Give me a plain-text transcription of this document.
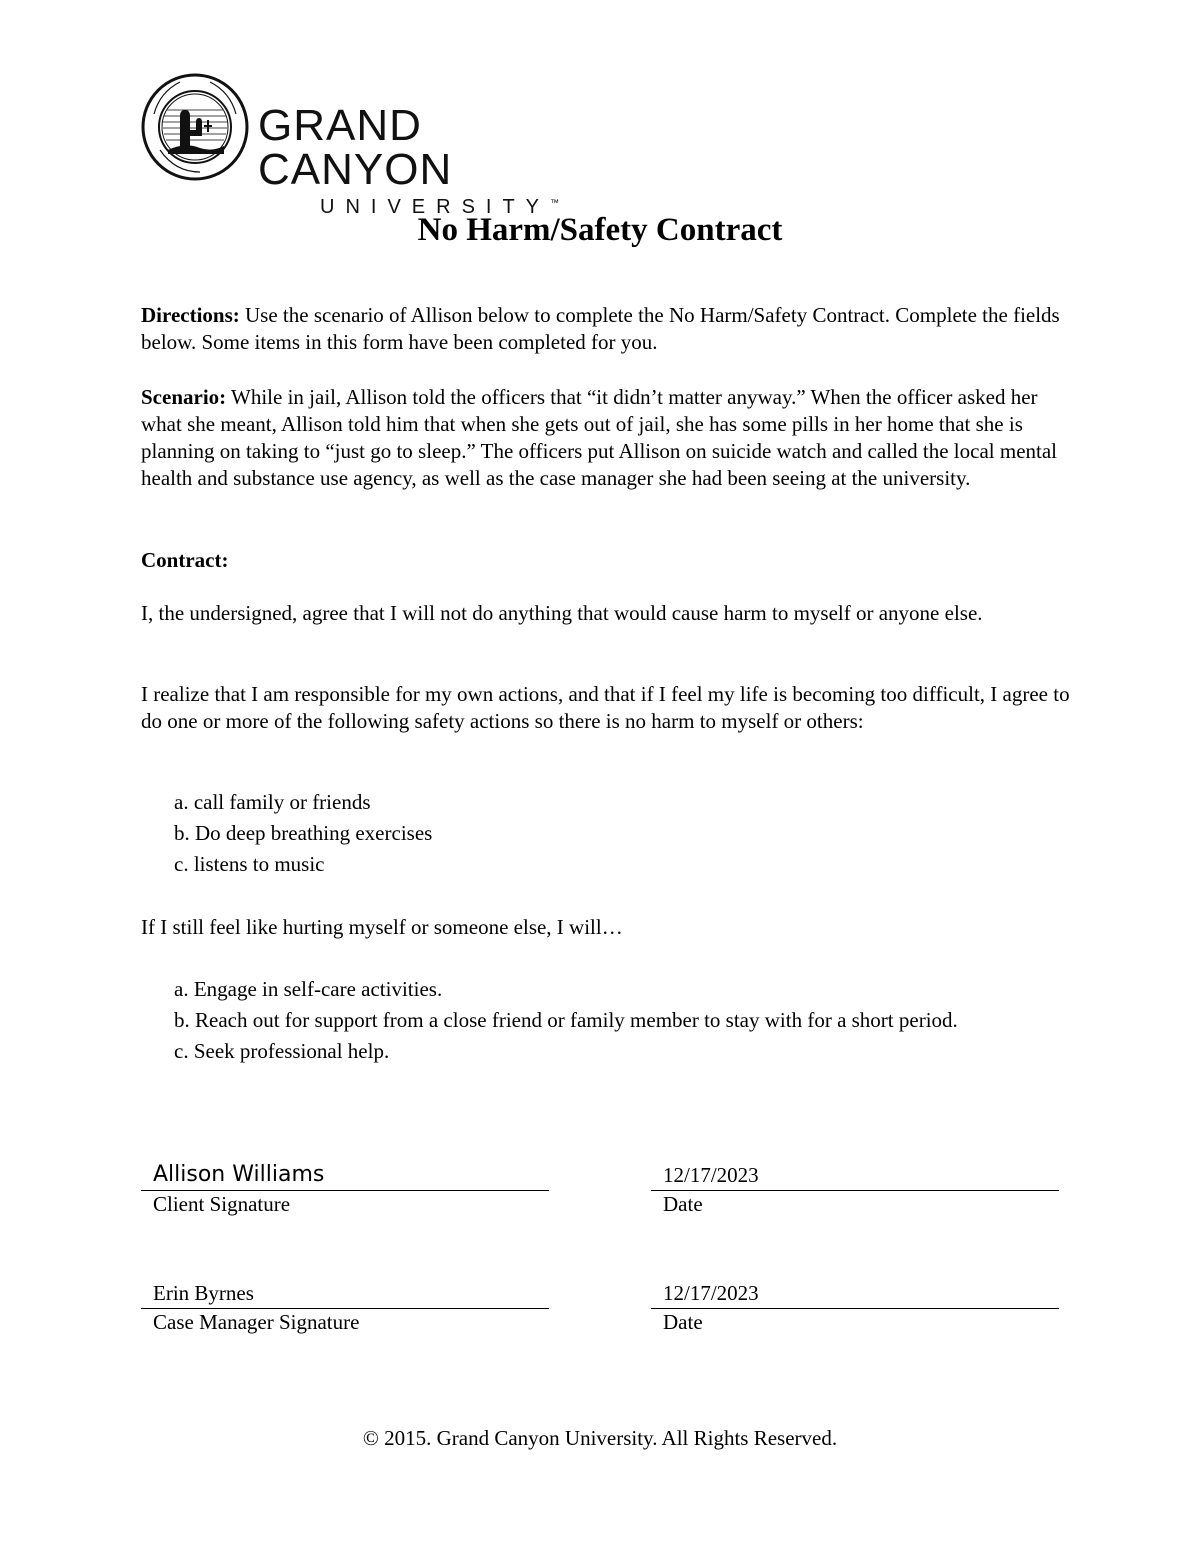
GRAND CANYON
UNIVERSITY™
No Harm/Safety Contract
Directions: Use the scenario of Allison below to complete the No Harm/Safety Contract. Complete the fields below. Some items in this form have been completed for you.
Scenario: While in jail, Allison told the officers that “it didn’t matter anyway.” When the officer asked her what she meant, Allison told him that when she gets out of jail, she has some pills in her home that she is planning on taking to “just go to sleep.” The officers put Allison on suicide watch and called the local mental health and substance use agency, as well as the case manager she had been seeing at the university.
Contract:
I, the undersigned, agree that I will not do anything that would cause harm to myself or anyone else.
I realize that I am responsible for my own actions, and that if I feel my life is becoming too difficult, I agree to do one or more of the following safety actions so there is no harm to myself or others:
a. call family or friends
b. Do deep breathing exercises
c. listens to music
If I still feel like hurting myself or someone else, I will…
a. Engage in self-care activities.
b. Reach out for support from a close friend or family member to stay with for a short period.
c. Seek professional help.
Allison Williams
Client Signature
12/17/2023
Date
Erin Byrnes
Case Manager Signature
12/17/2023
Date
© 2015. Grand Canyon University. All Rights Reserved.
